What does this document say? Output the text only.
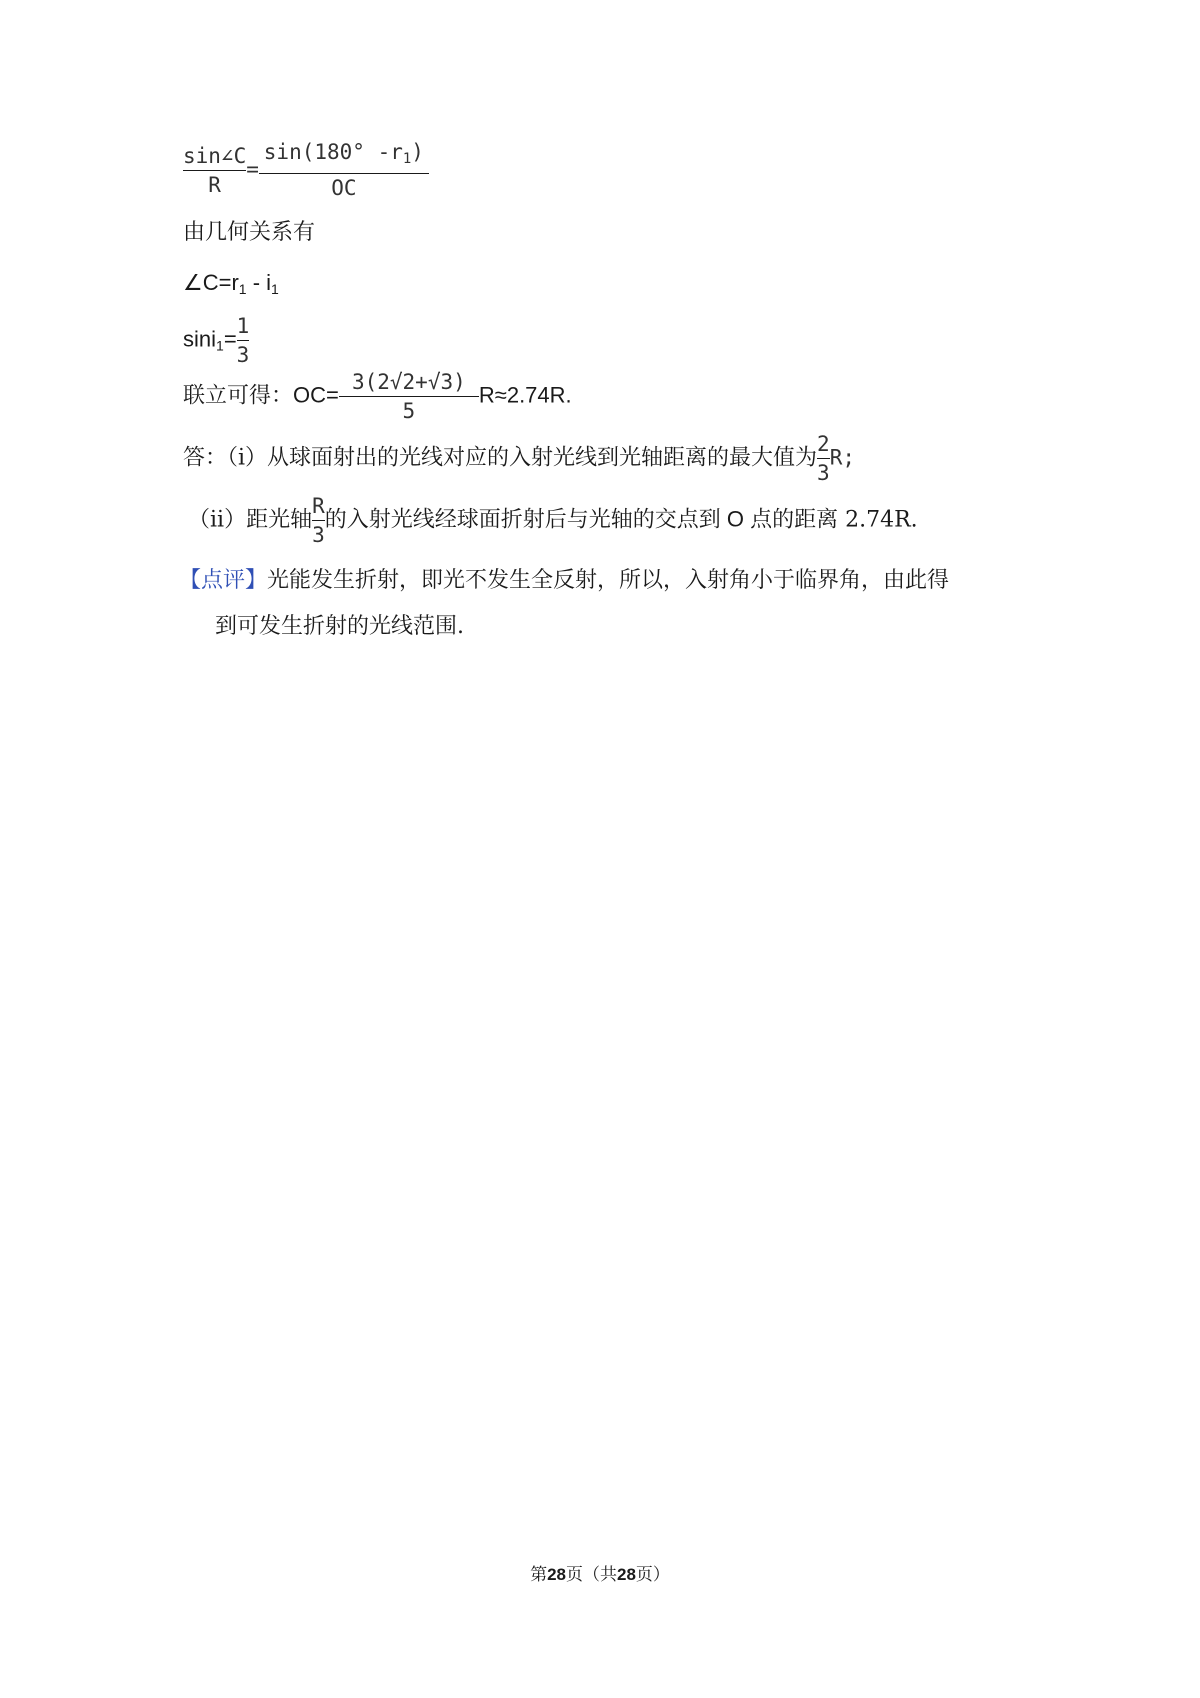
$\frac{\sin\angle C}{R} = \frac{\sin(180^\circ -r_1)}{OC}$
由几何关系有
$\angle C=r_1 - i_1$
$\sin i_1= \frac{1}{3}$
联立可得：$OC= \frac{3(2√2+√3)}{5} R\approx 2.74R$.
答：（i）从球面射出的光线对应的入射光线到光轴距离的最大值为 $\frac{2}{3} R$;
（ii）距光轴 $\frac{R}{3}$ 的入射光线经球面折射后与光轴的交点到 O 点的距离 2.74R.
【点评】光能发生折射，即光不发生全反射，所以，入射角小于临界角，由此得
到可发生折射的光线范围.
第28页（共28页）
